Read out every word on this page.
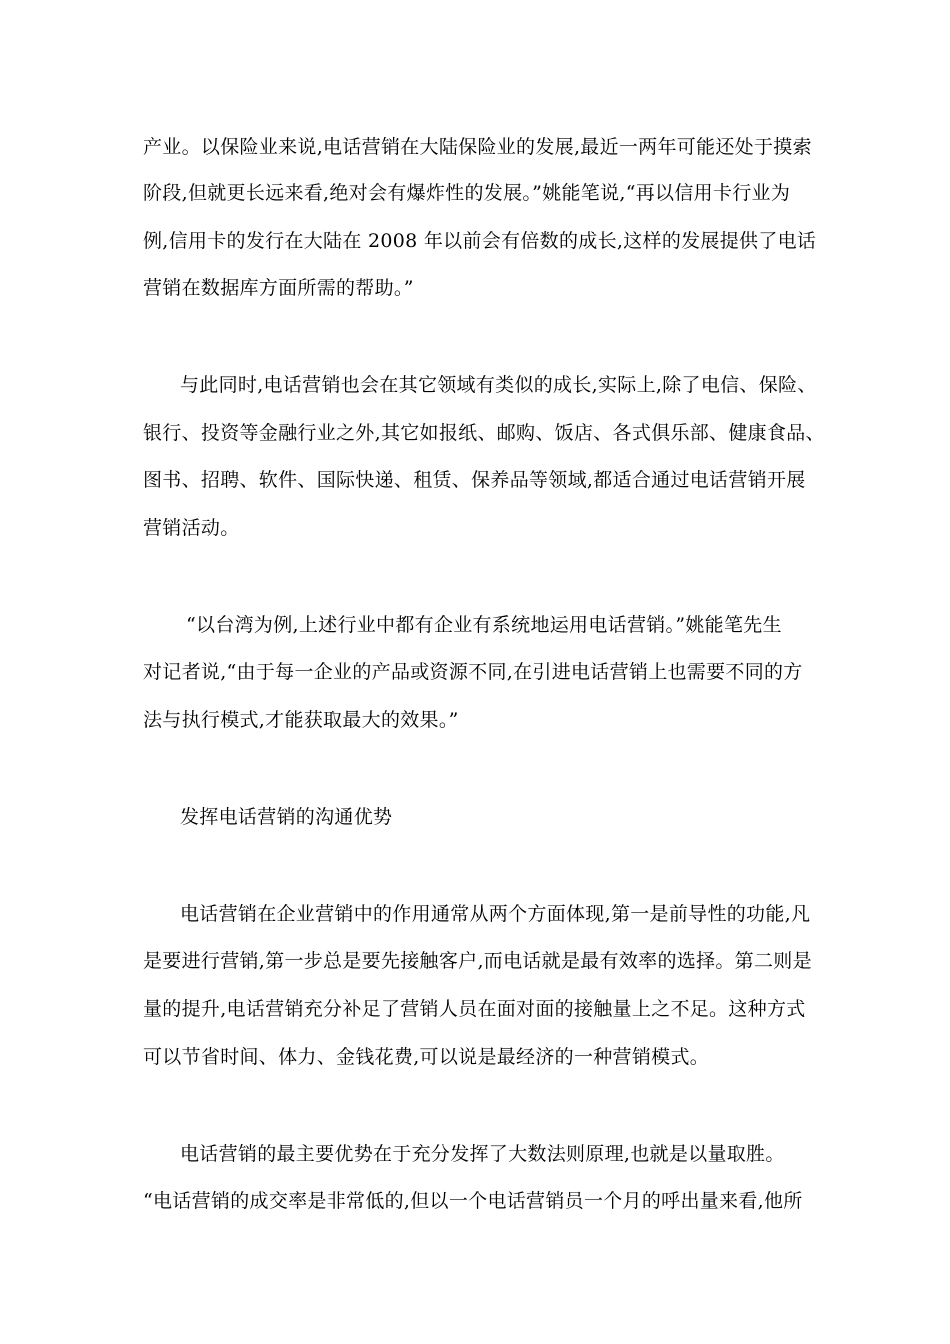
产业。以保险业来说,电话营销在大陆保险业的发展,最近一两年可能还处于摸索
阶段,但就更长远来看,绝对会有爆炸性的发展。”姚能笔说,“再以信用卡行业为
例,信用卡的发行在大陆在 2008 年以前会有倍数的成长,这样的发展提供了电话
营销在数据库方面所需的帮助。”
与此同时,电话营销也会在其它领域有类似的成长,实际上,除了电信、保险、
银行、投资等金融行业之外,其它如报纸、邮购、饭店、各式俱乐部、健康食品、
图书、招聘、软件、国际快递、租赁、保养品等领域,都适合通过电话营销开展
营销活动。
“以台湾为例,上述行业中都有企业有系统地运用电话营销。”姚能笔先生
对记者说,“由于每一企业的产品或资源不同,在引进电话营销上也需要不同的方
法与执行模式,才能获取最大的效果。”
发挥电话营销的沟通优势
电话营销在企业营销中的作用通常从两个方面体现,第一是前导性的功能,凡
是要进行营销,第一步总是要先接触客户,而电话就是最有效率的选择。第二则是
量的提升,电话营销充分补足了营销人员在面对面的接触量上之不足。这种方式
可以节省时间、体力、金钱花费,可以说是最经济的一种营销模式。
电话营销的最主要优势在于充分发挥了大数法则原理,也就是以量取胜。
“电话营销的成交率是非常低的,但以一个电话营销员一个月的呼出量来看,他所
